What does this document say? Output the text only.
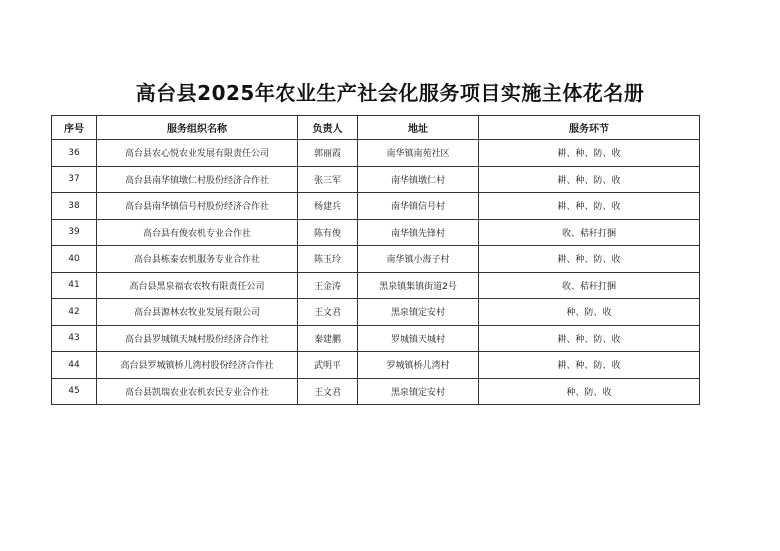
高台县2025年农业生产社会化服务项目实施主体花名册
序号	服务组织名称	负责人	地址	服务环节
36	高台县农心悦农业发展有限责任公司	郭丽霞	南华镇南苑社区	耕、种、防、收
37	高台县南华镇墩仁村股份经济合作社	张三军	南华镇墩仁村	耕、种、防、收
38	高台县南华镇信号村股份经济合作社	杨建兵	南华镇信号村	耕、种、防、收
39	高台县有俊农机专业合作社	陈有俊	南华镇先锋村	收、秸秆打捆
40	高台县栋泰农机服务专业合作社	陈玉玲	南华镇小海子村	耕、种、防、收
41	高台县黑泉福农农牧有限责任公司	王金涛	黑泉镇集镇街道2号	收、秸秆打捆
42	高台县源林农牧业发展有限公司	王文君	黑泉镇定安村	种、防、收
43	高台县罗城镇天城村股份经济合作社	秦建鹏	罗城镇天城村	耕、种、防、收
44	高台县罗城镇桥儿湾村股份经济合作社	武明平	罗城镇桥儿湾村	耕、种、防、收
45	高台县凯瑞农业农机农民专业合作社	王文君	黑泉镇定安村	种、防、收
